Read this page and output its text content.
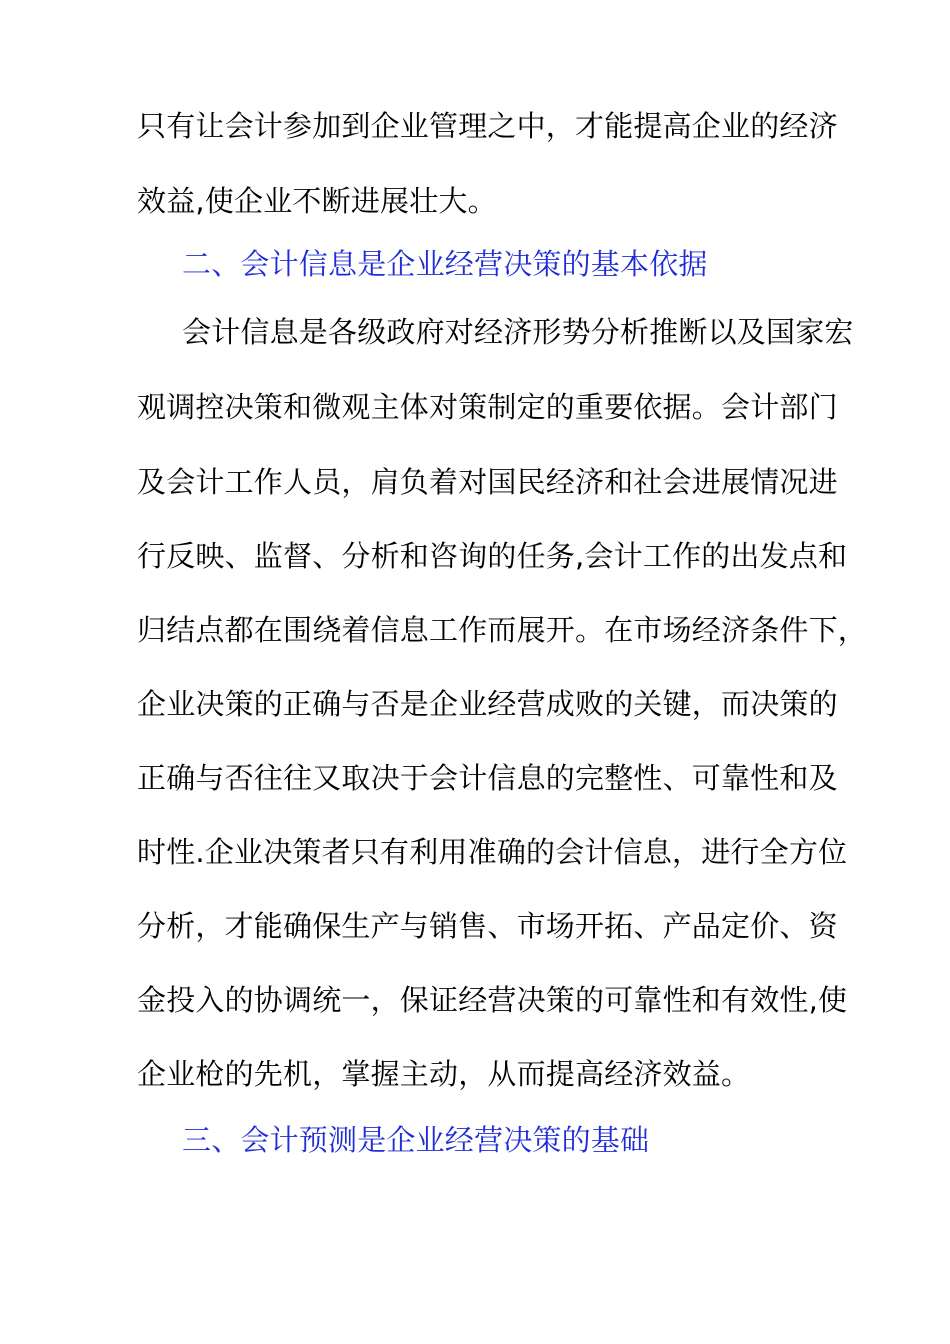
只有让会计参加到企业管理之中，才能提高企业的经济
效益,使企业不断进展壮大。
二、会计信息是企业经营决策的基本依据
会计信息是各级政府对经济形势分析推断以及国家宏
观调控决策和微观主体对策制定的重要依据。会计部门
及会计工作人员，肩负着对国民经济和社会进展情况进
行反映、监督、分析和咨询的任务,会计工作的出发点和
归结点都在围绕着信息工作而展开。在市场经济条件下，
企业决策的正确与否是企业经营成败的关键，而决策的
正确与否往往又取决于会计信息的完整性、可靠性和及
时性.企业决策者只有利用准确的会计信息，进行全方位
分析，才能确保生产与销售、市场开拓、产品定价、资
金投入的协调统一，保证经营决策的可靠性和有效性,使
企业枪的先机，掌握主动，从而提高经济效益。
三、会计预测是企业经营决策的基础
